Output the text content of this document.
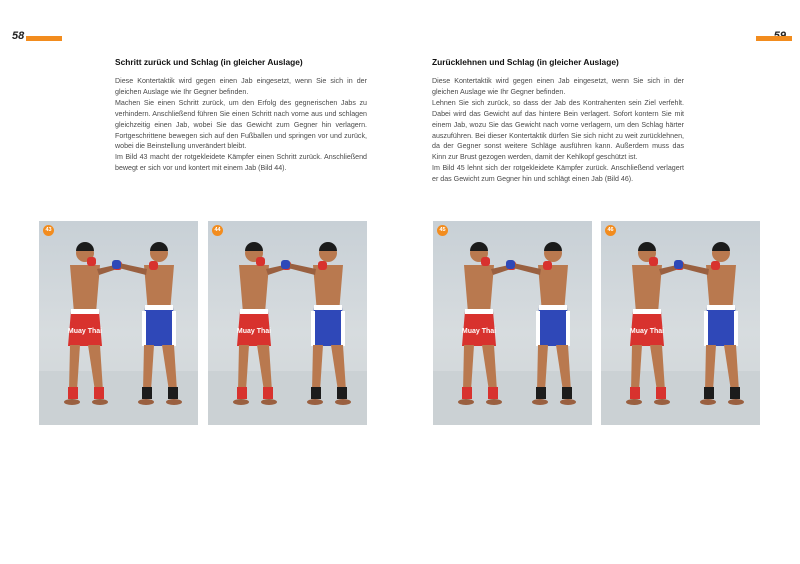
58
Schritt zurück und Schlag (in gleicher Auslage)

Diese Kontertaktik wird gegen einen Jab eingesetzt, wenn Sie sich in der gleichen Auslage wie Ihr Gegner befinden.

Machen Sie einen Schritt zurück, um den Erfolg des gegnerischen Jabs zu verhindern. Anschließend führen Sie einen Schritt nach vorne aus und schlagen gleichzeitig einen Jab, wobei Sie das Gewicht zum Gegner hin verlagern. Fortgeschrittene bewegen sich auf den Fußballen und springen vor und zurück, wobei die Beinstellung unverändert bleibt.

Im Bild 43 macht der rotgekleidete Kämpfer einen Schritt zurück. Anschließend bewegt er sich vor und kontert mit einem Jab (Bild 44).

Zurücklehnen und Schlag (in gleicher Auslage)

Diese Kontertaktik wird gegen einen Jab eingesetzt, wenn Sie sich in der gleichen Auslage wie Ihr Gegner befinden.

Lehnen Sie sich zurück, so dass der Jab des Kontrahenten sein Ziel verfehlt. Dabei wird das Gewicht auf das hintere Bein verlagert. Sofort kontern Sie mit einem Jab, wozu Sie das Gewicht nach vorne verlagern, um den Schlag härter auszuführen. Bei dieser Kontertaktik dürfen Sie sich nicht zu weit zurücklehnen, da der Gegner sonst weitere Schläge ausführen kann. Außerdem muss das Kinn zur Brust gezogen werden, damit der Kehlkopf geschützt ist.

Im Bild 45 lehnt sich der rotgekleidete Kämpfer zurück. Anschließend verlagert er das Gewicht zum Gegner hin und schlägt einen Jab (Bild 46).

Muay Thai
43
Muay Thai
44
Muay Thai
45
Muay Thai
46
